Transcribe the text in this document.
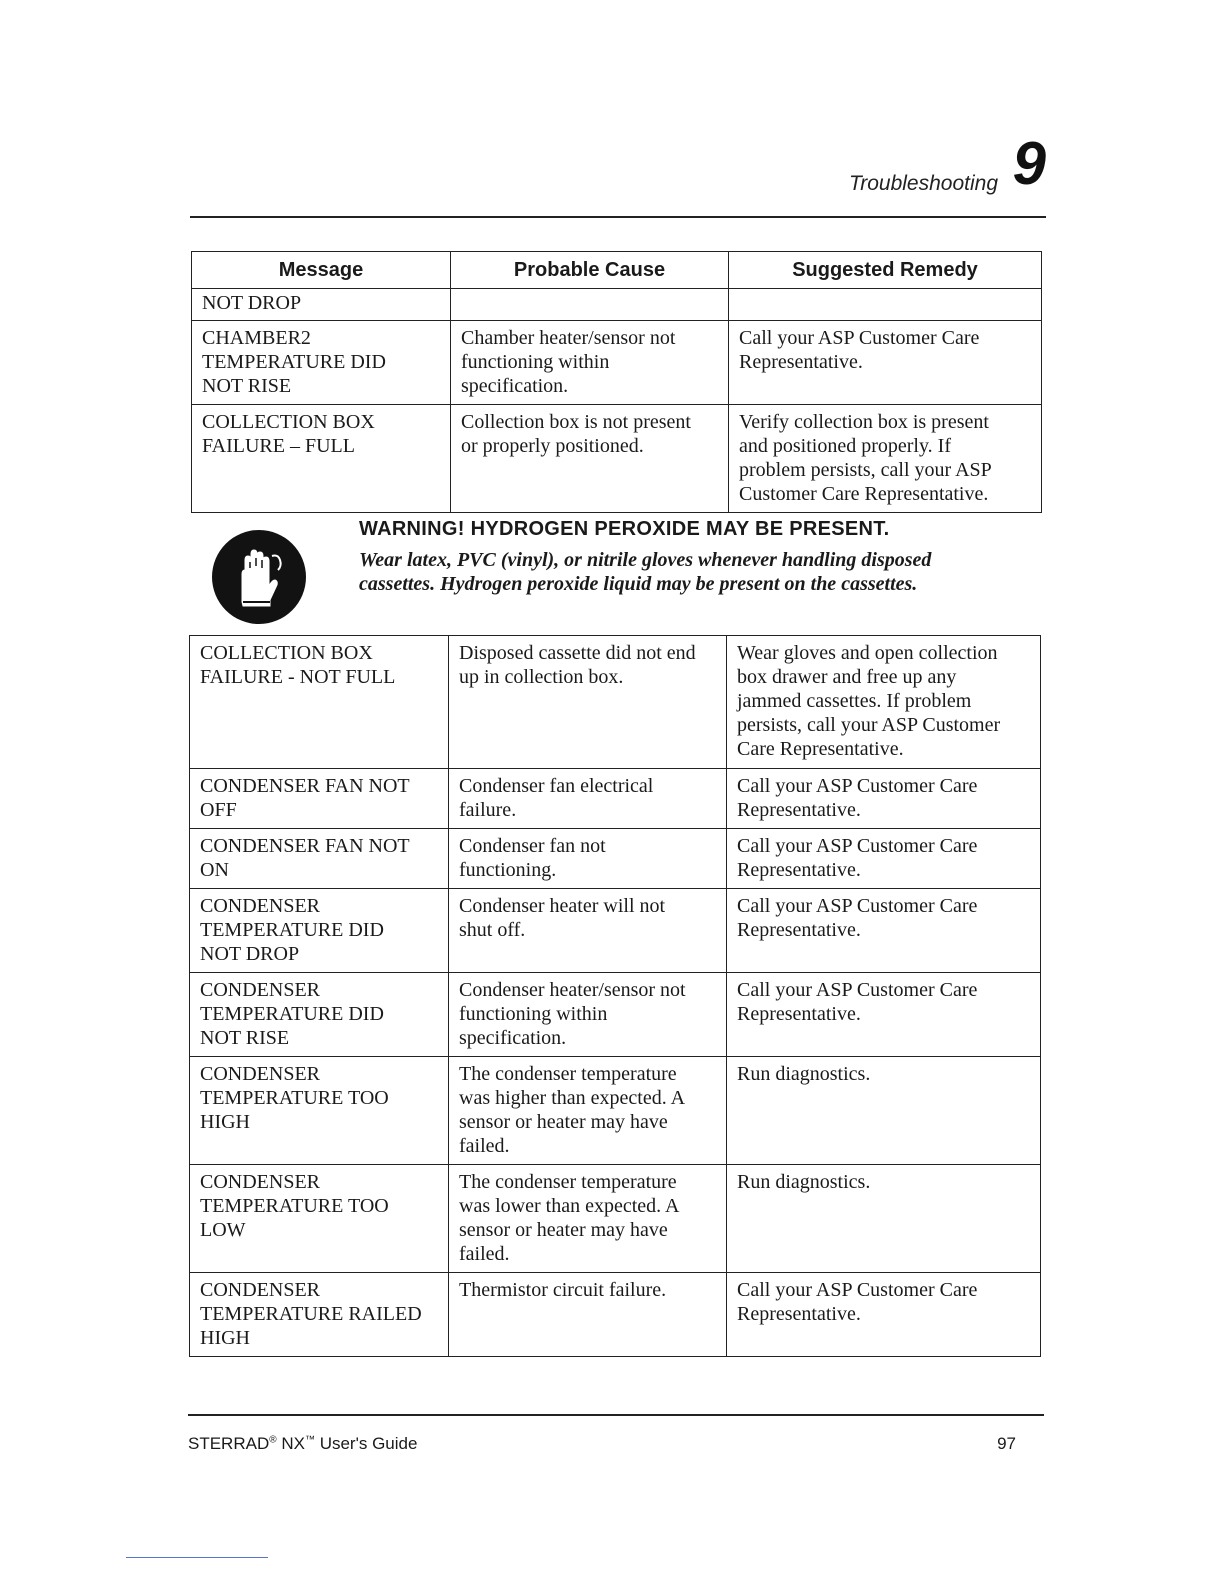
Troubleshooting 9
Message	Probable Cause	Suggested Remedy

NOT DROP		

CHAMBER2
TEMPERATURE DID
NOT RISE	Chamber heater/sensor not
functioning within
specification.	Call your ASP Customer Care
Representative.

COLLECTION BOX
FAILURE – FULL	Collection box is not present
or properly positioned.	Verify collection box is present
and positioned properly. If
problem persists, call your ASP
Customer Care Representative.
WARNING! HYDROGEN PEROXIDE MAY BE PRESENT.
Wear latex, PVC (vinyl), or nitrile gloves whenever handling disposed
cassettes. Hydrogen peroxide liquid may be present on the cassettes.
COLLECTION BOX
FAILURE - NOT FULL	Disposed cassette did not end
up in collection box.	Wear gloves and open collection
box drawer and free up any
jammed cassettes. If problem
persists, call your ASP Customer
Care Representative.

CONDENSER FAN NOT
OFF	Condenser fan electrical
failure.	Call your ASP Customer Care
Representative.

CONDENSER FAN NOT
ON	Condenser fan not
functioning.	Call your ASP Customer Care
Representative.

CONDENSER
TEMPERATURE DID
NOT DROP	Condenser heater will not
shut off.	Call your ASP Customer Care
Representative.

CONDENSER
TEMPERATURE DID
NOT RISE	Condenser heater/sensor not
functioning within
specification.	Call your ASP Customer Care
Representative.

CONDENSER
TEMPERATURE TOO
HIGH	The condenser temperature
was higher than expected. A
sensor or heater may have
failed.	Run diagnostics.

CONDENSER
TEMPERATURE TOO
LOW	The condenser temperature
was lower than expected. A
sensor or heater may have
failed.	Run diagnostics.

CONDENSER
TEMPERATURE RAILED
HIGH	Thermistor circuit failure.	Call your ASP Customer Care
Representative.
STERRAD® NX™ User's Guide	97
